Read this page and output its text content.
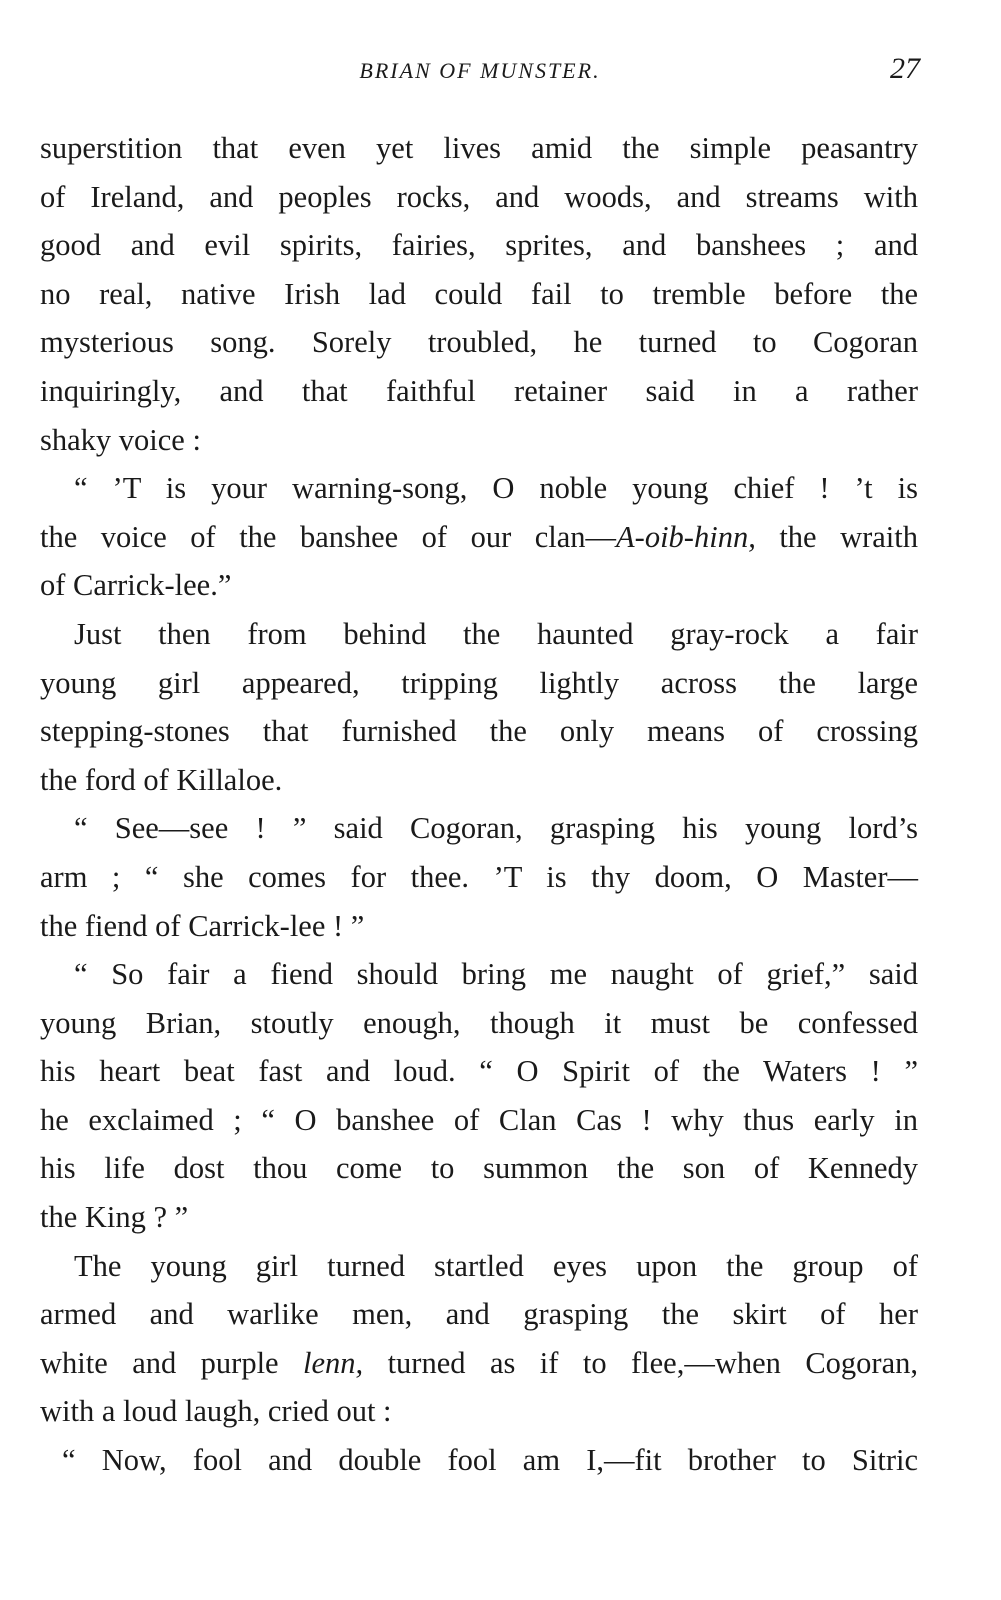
BRIAN OF MUNSTER.	27
superstition that even yet lives amid the simple peasantry
of Ireland, and peoples rocks, and woods, and streams with
good and evil spirits, fairies, sprites, and banshees ; and
no real, native Irish lad could fail to tremble before the
mysterious song. Sorely troubled, he turned to Cogoran
inquiringly, and that faithful retainer said in a rather
shaky voice :
“ ’T is your warning-song, O noble young chief ! ’t is
the voice of the banshee of our clan—A-oib-hinn, the wraith
of Carrick-lee.”
Just then from behind the haunted gray-rock a fair
young girl appeared, tripping lightly across the large
stepping-stones that furnished the only means of crossing
the ford of Killaloe.
“ See—see ! ” said Cogoran, grasping his young lord’s
arm ; “ she comes for thee. ’T is thy doom, O Master—
the fiend of Carrick-lee ! ”
“ So fair a fiend should bring me naught of grief,” said
young Brian, stoutly enough, though it must be confessed
his heart beat fast and loud. “ O Spirit of the Waters ! ”
he exclaimed ; “ O banshee of Clan Cas ! why thus early in
his life dost thou come to summon the son of Kennedy
the King ? ”
The young girl turned startled eyes upon the group of
armed and warlike men, and grasping the skirt of her
white and purple lenn, turned as if to flee,—when Cogoran,
with a loud laugh, cried out :
“ Now, fool and double fool am I,—fit brother to Sitric
